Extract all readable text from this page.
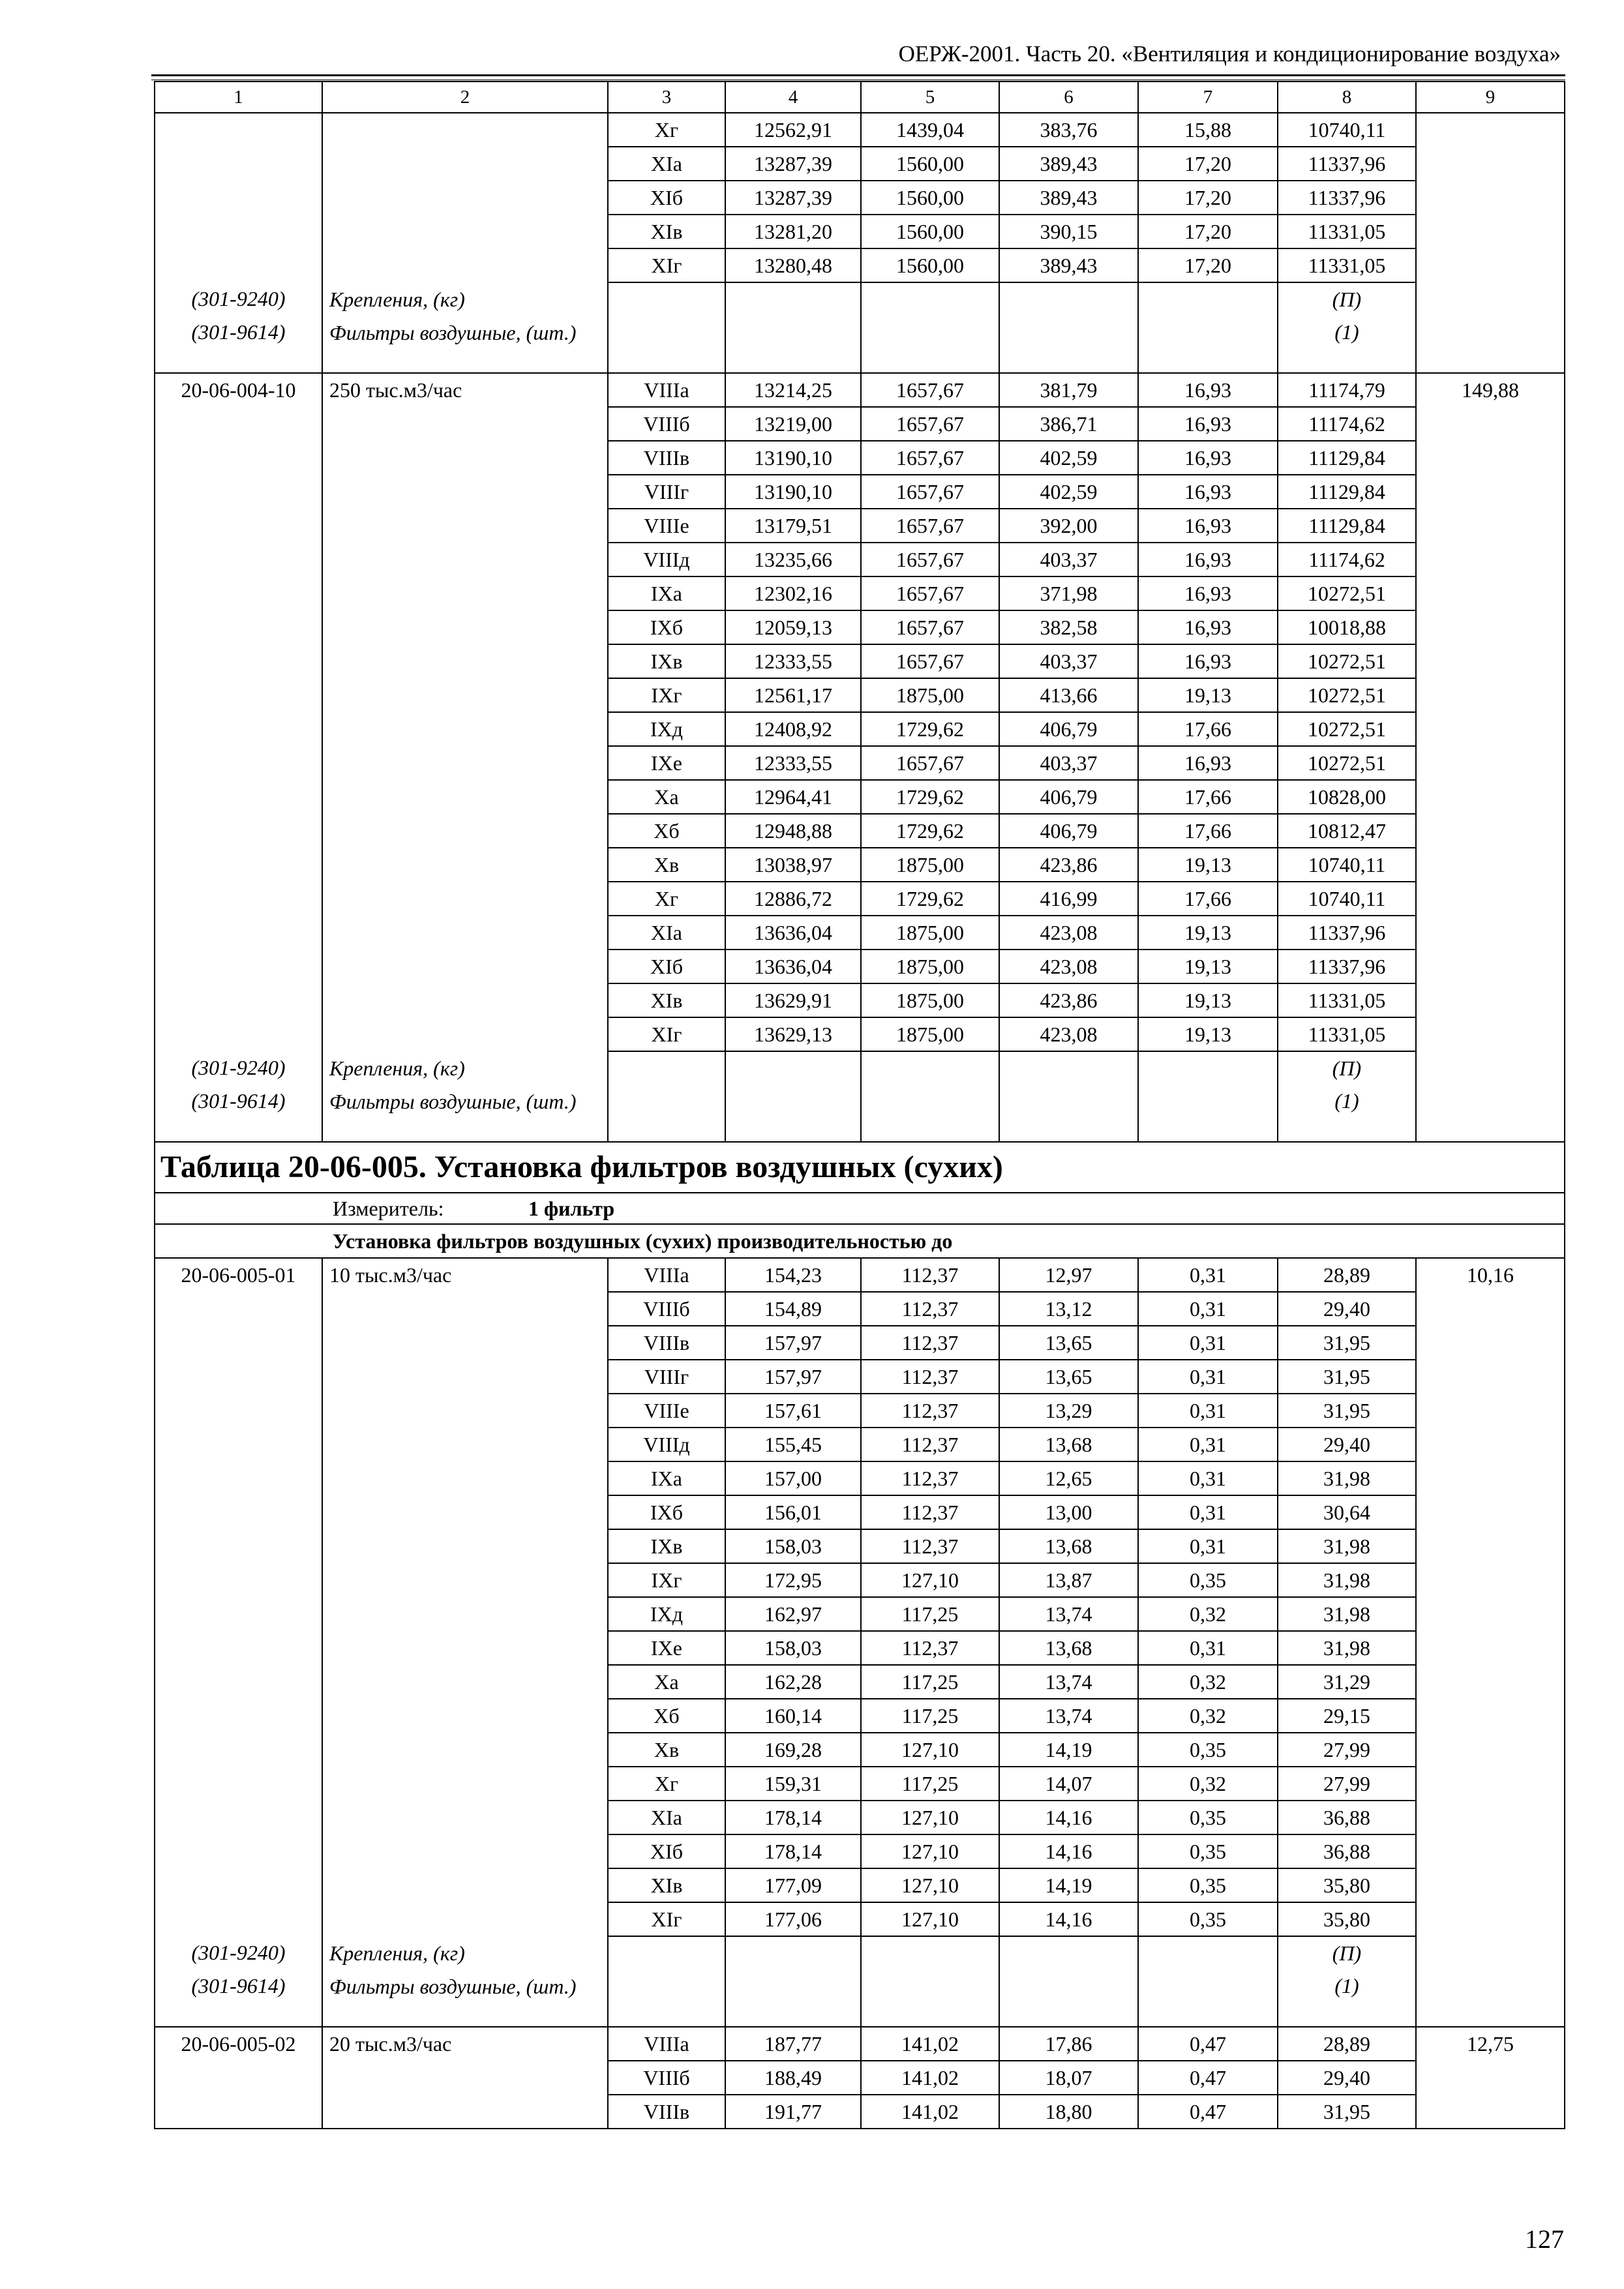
ОЕРЖ-2001. Часть 20. «Вентиляция и кондиционирование воздуха»
1	2	3	4	5	6	7	8	9
		Xг	12562,91	1439,04	383,76	15,88	10740,11	
		XIа	13287,39	1560,00	389,43	17,20	11337,96	
		XIб	13287,39	1560,00	389,43	17,20	11337,96	
		XIв	13281,20	1560,00	390,15	17,20	11331,05	
		XIг	13280,48	1560,00	389,43	17,20	11331,05	
(301-9240)	Крепления, (кг)						(П)	
(301-9614)	Фильтры воздушные, (шт.)						(1)	
20-06-004-10	250 тыс.м3/час	VIIIа	13214,25	1657,67	381,79	16,93	11174,79	149,88
		VIIIб	13219,00	1657,67	386,71	16,93	11174,62	
		VIIIв	13190,10	1657,67	402,59	16,93	11129,84	
		VIIIг	13190,10	1657,67	402,59	16,93	11129,84	
		VIIIе	13179,51	1657,67	392,00	16,93	11129,84	
		VIIIд	13235,66	1657,67	403,37	16,93	11174,62	
		IXа	12302,16	1657,67	371,98	16,93	10272,51	
		IXб	12059,13	1657,67	382,58	16,93	10018,88	
		IXв	12333,55	1657,67	403,37	16,93	10272,51	
		IXг	12561,17	1875,00	413,66	19,13	10272,51	
		IXд	12408,92	1729,62	406,79	17,66	10272,51	
		IXе	12333,55	1657,67	403,37	16,93	10272,51	
		Xа	12964,41	1729,62	406,79	17,66	10828,00	
		Xб	12948,88	1729,62	406,79	17,66	10812,47	
		Xв	13038,97	1875,00	423,86	19,13	10740,11	
		Xг	12886,72	1729,62	416,99	17,66	10740,11	
		XIа	13636,04	1875,00	423,08	19,13	11337,96	
		XIб	13636,04	1875,00	423,08	19,13	11337,96	
		XIв	13629,91	1875,00	423,86	19,13	11331,05	
		XIг	13629,13	1875,00	423,08	19,13	11331,05	
(301-9240)	Крепления, (кг)						(П)	
(301-9614)	Фильтры воздушные, (шт.)						(1)	
Таблица 20-06-005. Установка фильтров воздушных (сухих)								
Измеритель: 1 фильтр								
Установка фильтров воздушных (сухих) производительностью до								
20-06-005-01	10 тыс.м3/час	VIIIа	154,23	112,37	12,97	0,31	28,89	10,16
		VIIIб	154,89	112,37	13,12	0,31	29,40	
		VIIIв	157,97	112,37	13,65	0,31	31,95	
		VIIIг	157,97	112,37	13,65	0,31	31,95	
		VIIIе	157,61	112,37	13,29	0,31	31,95	
		VIIIд	155,45	112,37	13,68	0,31	29,40	
		IXа	157,00	112,37	12,65	0,31	31,98	
		IXб	156,01	112,37	13,00	0,31	30,64	
		IXв	158,03	112,37	13,68	0,31	31,98	
		IXг	172,95	127,10	13,87	0,35	31,98	
		IXд	162,97	117,25	13,74	0,32	31,98	
		IXе	158,03	112,37	13,68	0,31	31,98	
		Xа	162,28	117,25	13,74	0,32	31,29	
		Xб	160,14	117,25	13,74	0,32	29,15	
		Xв	169,28	127,10	14,19	0,35	27,99	
		Xг	159,31	117,25	14,07	0,32	27,99	
		XIа	178,14	127,10	14,16	0,35	36,88	
		XIб	178,14	127,10	14,16	0,35	36,88	
		XIв	177,09	127,10	14,19	0,35	35,80	
		XIг	177,06	127,10	14,16	0,35	35,80	
(301-9240)	Крепления, (кг)						(П)	
(301-9614)	Фильтры воздушные, (шт.)						(1)	
20-06-005-02	20 тыс.м3/час	VIIIа	187,77	141,02	17,86	0,47	28,89	12,75
		VIIIб	188,49	141,02	18,07	0,47	29,40	
		VIIIв	191,77	141,02	18,80	0,47	31,95	
127
